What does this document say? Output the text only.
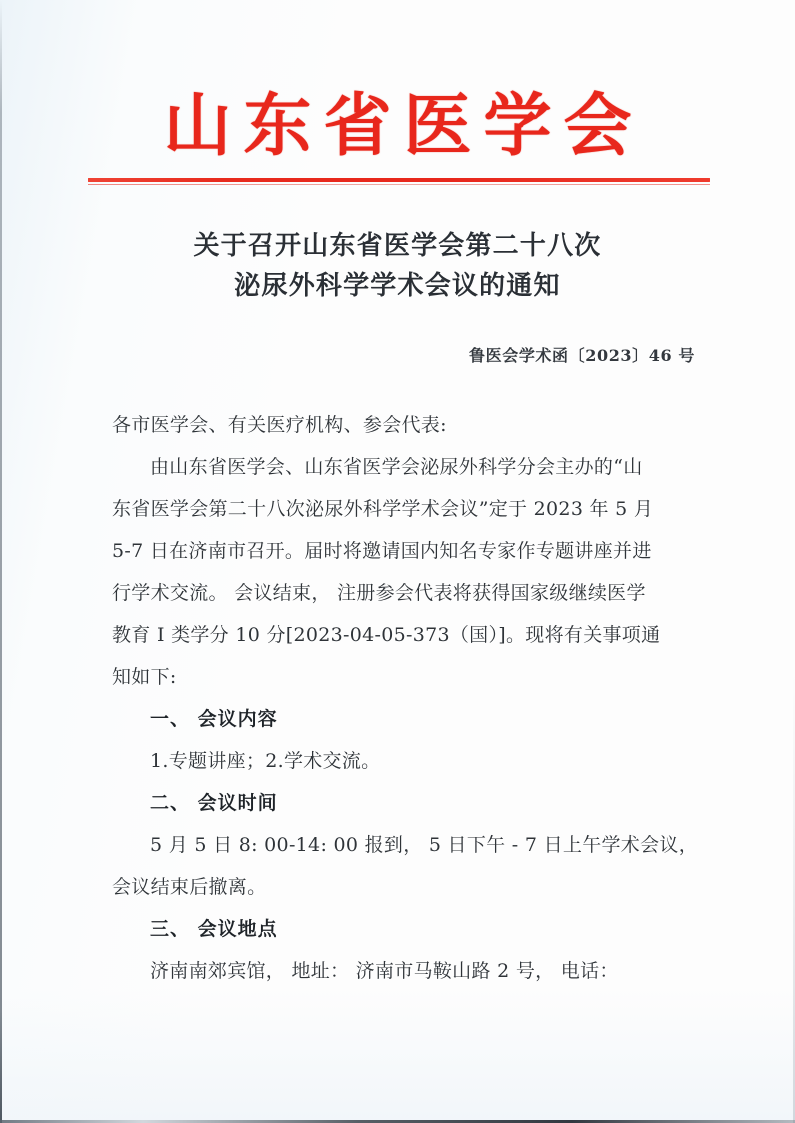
山东省医学会
关于召开山东省医学会第二十八次
泌尿外科学学术会议的通知
鲁医会学术函〔2023〕46 号
各市医学会、有关医疗机构、参会代表:
由山东省医学会、山东省医学会泌尿外科学分会主办的“山
东省医学会第二十八次泌尿外科学学术会议”定于 2023 年 5 月
5-7 日在济南市召开。届时将邀请国内知名专家作专题讲座并进
行学术交流。 会议结束， 注册参会代表将获得国家级继续医学
教育 I 类学分 10 分[2023-04-05-373（国）]。现将有关事项通
知如下:
一、 会议内容
1.专题讲座；2.学术交流。
二、 会议时间
5 月 5 日 8: 00-14: 00 报到， 5 日下午 - 7 日上午学术会议，
会议结束后撤离。
三、 会议地点
济南南郊宾馆， 地址： 济南市马鞍山路 2 号， 电话：
